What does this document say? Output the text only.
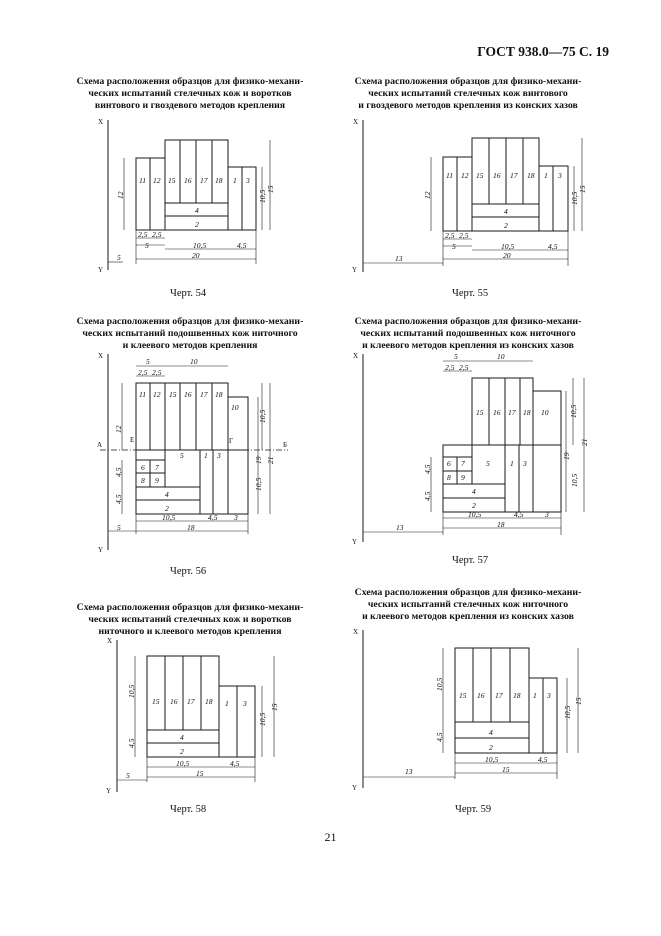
ГОСТ 938.0—75 С. 19
Схема расположения образцов для физико-механи-
ческих испытаний стелечных кож и воротков
винтового и гвоздевого методов крепления
Схема расположения образцов для физико-механи-
ческих испытаний стелечных кож винтового
и гвоздевого методов крепления из конских хазов
Схема расположения образцов для физико-механи-
ческих испытаний подошвенных кож ниточного
и клеевого методов крепления
Схема расположения образцов для физико-механи-
ческих испытаний подошвенных кож ниточного
и клеевого методов крепления из конских хазов
Схема расположения образцов для физико-механи-
ческих испытаний стелечных кож и воротков
ниточного и клеевого методов крепления
Схема расположения образцов для физико-механи-
ческих испытаний стелечных кож ниточного
и клеевого методов крепления из конских хазов
X
Y
11 12 15 16 17 18 1 3
4
2
12	10,5
15
2,5 2,5
5	10,5	4,5
20
5
Черт. 54
X
Y
11 12 15 16 17 18 1 3
4
2
12	10,5
15
2,5 2,5
5	10,5	4,5
20
13
Черт. 55
X
Y
A	Б
11 12 15 16 17 18
10
5	1 3
6 7
8 9
4
2
5	10
2,5 2,5
10,5
12
19 21
10,5
4,5
4,5
10,5	4,5 3
18
5
Е	Г
Черт. 56
X
Y
15 16 17 18 10
5	1 3
6 7
8 9
4
2
5	10
2,5 2,5
10,5
21
19
10,5
4,5
4,5
10,5	4,5	3
18
13
Черт. 57
X
Y
15 16 17 18 1 3
4
2
10,5
4,5
10,5
15
10,5	4,5
15
5
Черт. 58
X
Y
15 16 17 18 1 3
4
2
10,5
4,5
10,5
15
10,5	4,5
15
13
Черт. 59
21
